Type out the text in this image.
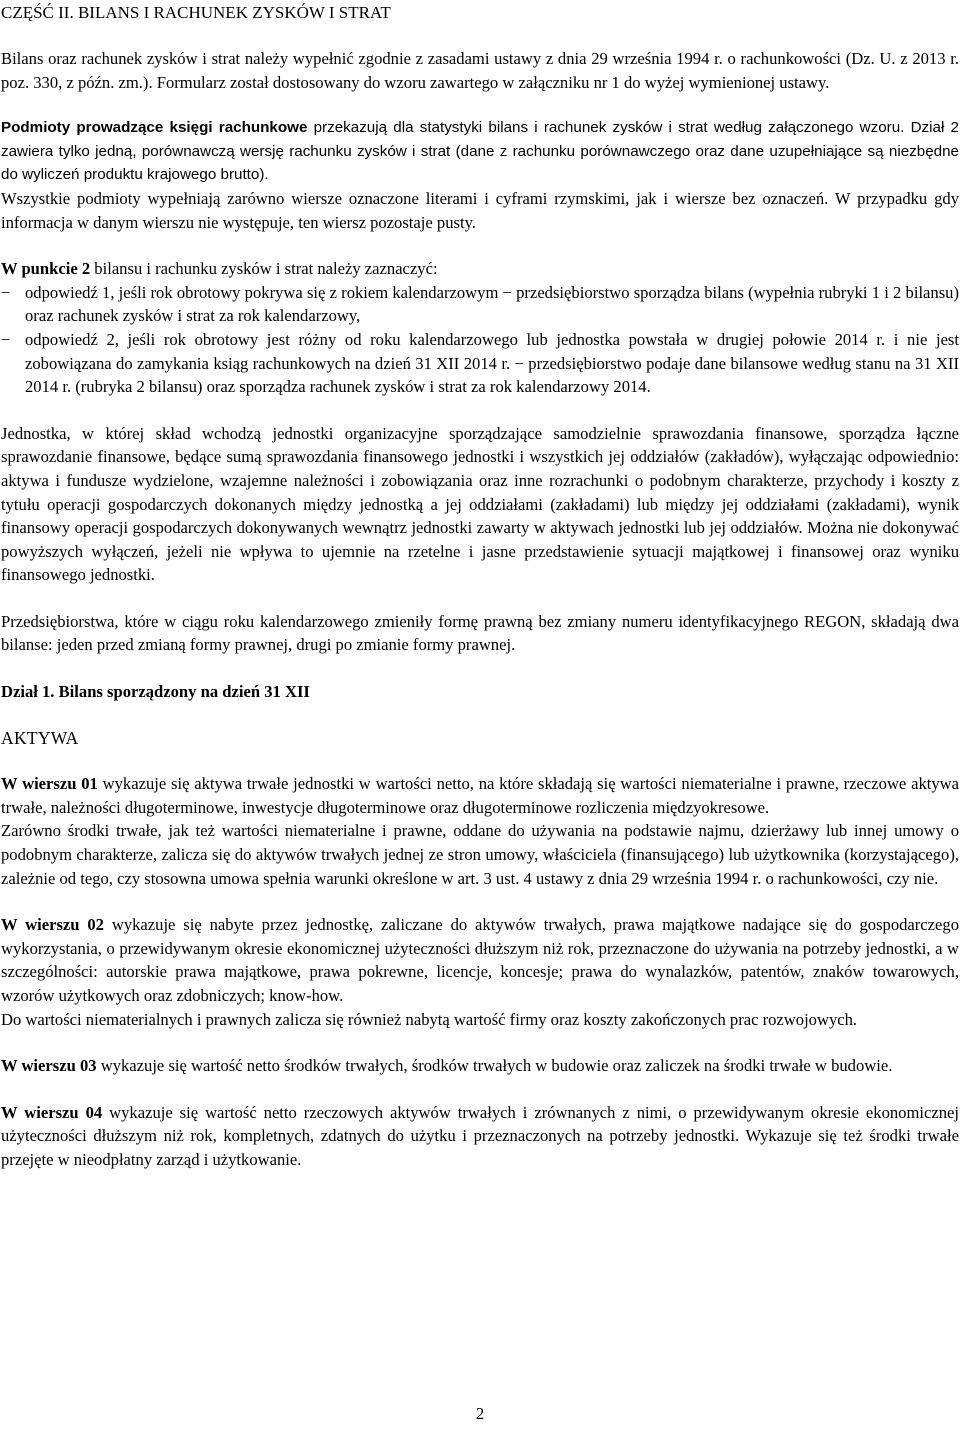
CZĘŚĆ II. BILANS I RACHUNEK ZYSKÓW I STRAT

Bilans oraz rachunek zysków i strat należy wypełnić zgodnie z zasadami ustawy z dnia 29 września 1994 r. o rachunkowości (Dz. U. z 2013 r. poz. 330, z późn. zm.). Formularz został dostosowany do wzoru zawartego w załączniku nr 1 do wyżej wymienionej ustawy.

Podmioty prowadzące księgi rachunkowe przekazują dla statystyki bilans i rachunek zysków i strat według załączonego wzoru. Dział 2 zawiera tylko jedną, porównawczą wersję rachunku zysków i strat (dane z rachunku porównawczego oraz dane uzupełniające są niezbędne do wyliczeń produktu krajowego brutto).

Wszystkie podmioty wypełniają zarówno wiersze oznaczone literami i cyframi rzymskimi, jak i wiersze bez oznaczeń. W przypadku gdy informacja w danym wierszu nie występuje, ten wiersz pozostaje pusty.

W punkcie 2 bilansu i rachunku zysków i strat należy zaznaczyć:

− odpowiedź 1, jeśli rok obrotowy pokrywa się z rokiem kalendarzowym − przedsiębiorstwo sporządza bilans (wypełnia rubryki 1 i 2 bilansu) oraz rachunek zysków i strat za rok kalendarzowy,
− odpowiedź 2, jeśli rok obrotowy jest różny od roku kalendarzowego lub jednostka powstała w drugiej połowie 2014 r. i nie jest zobowiązana do zamykania ksiąg rachunkowych na dzień 31 XII 2014 r. − przedsiębiorstwo podaje dane bilansowe według stanu na 31 XII 2014 r. (rubryka 2 bilansu) oraz sporządza rachunek zysków i strat za rok kalendarzowy 2014.

Jednostka, w której skład wchodzą jednostki organizacyjne sporządzające samodzielnie sprawozdania finansowe, sporządza łączne sprawozdanie finansowe, będące sumą sprawozdania finansowego jednostki i wszystkich jej oddziałów (zakładów), wyłączając odpowiednio: aktywa i fundusze wydzielone, wzajemne należności i zobowiązania oraz inne rozrachunki o podobnym charakterze, przychody i koszty z tytułu operacji gospodarczych dokonanych między jednostką a jej oddziałami (zakładami) lub między jej oddziałami (zakładami), wynik finansowy operacji gospodarczych dokonywanych wewnątrz jednostki zawarty w aktywach jednostki lub jej oddziałów. Można nie dokonywać powyższych wyłączeń, jeżeli nie wpływa to ujemnie na rzetelne i jasne przedstawienie sytuacji majątkowej i finansowej oraz wyniku finansowego jednostki.

Przedsiębiorstwa, które w ciągu roku kalendarzowego zmieniły formę prawną bez zmiany numeru identyfikacyjnego REGON, składają dwa bilanse: jeden przed zmianą formy prawnej, drugi po zmianie formy prawnej.

Dział 1. Bilans sporządzony na dzień 31 XII
AKTYWA

W wierszu 01 wykazuje się aktywa trwałe jednostki w wartości netto, na które składają się wartości niematerialne i prawne, rzeczowe aktywa trwałe, należności długoterminowe, inwestycje długoterminowe oraz długoterminowe rozliczenia międzyokresowe.

Zarówno środki trwałe, jak też wartości niematerialne i prawne, oddane do używania na podstawie najmu, dzierżawy lub innej umowy o podobnym charakterze, zalicza się do aktywów trwałych jednej ze stron umowy, właściciela (finansującego) lub użytkownika (korzystającego), zależnie od tego, czy stosowna umowa spełnia warunki określone w art. 3 ust. 4 ustawy z dnia 29 września 1994 r. o rachunkowości, czy nie.

W wierszu 02 wykazuje się nabyte przez jednostkę, zaliczane do aktywów trwałych, prawa majątkowe nadające się do gospodarczego wykorzystania, o przewidywanym okresie ekonomicznej użyteczności dłuższym niż rok, przeznaczone do używania na potrzeby jednostki, a w szczególności: autorskie prawa majątkowe, prawa pokrewne, licencje, koncesje; prawa do wynalazków, patentów, znaków towarowych, wzorów użytkowych oraz zdobniczych; know-how.

Do wartości niematerialnych i prawnych zalicza się również nabytą wartość firmy oraz koszty zakończonych prac rozwojowych.

W wierszu 03 wykazuje się wartość netto środków trwałych, środków trwałych w budowie oraz zaliczek na środki trwałe w budowie.

W wierszu 04 wykazuje się wartość netto rzeczowych aktywów trwałych i zrównanych z nimi, o przewidywanym okresie ekonomicznej użyteczności dłuższym niż rok, kompletnych, zdatnych do użytku i przeznaczonych na potrzeby jednostki. Wykazuje się też środki trwałe przejęte w nieodpłatny zarząd i użytkowanie.

2
